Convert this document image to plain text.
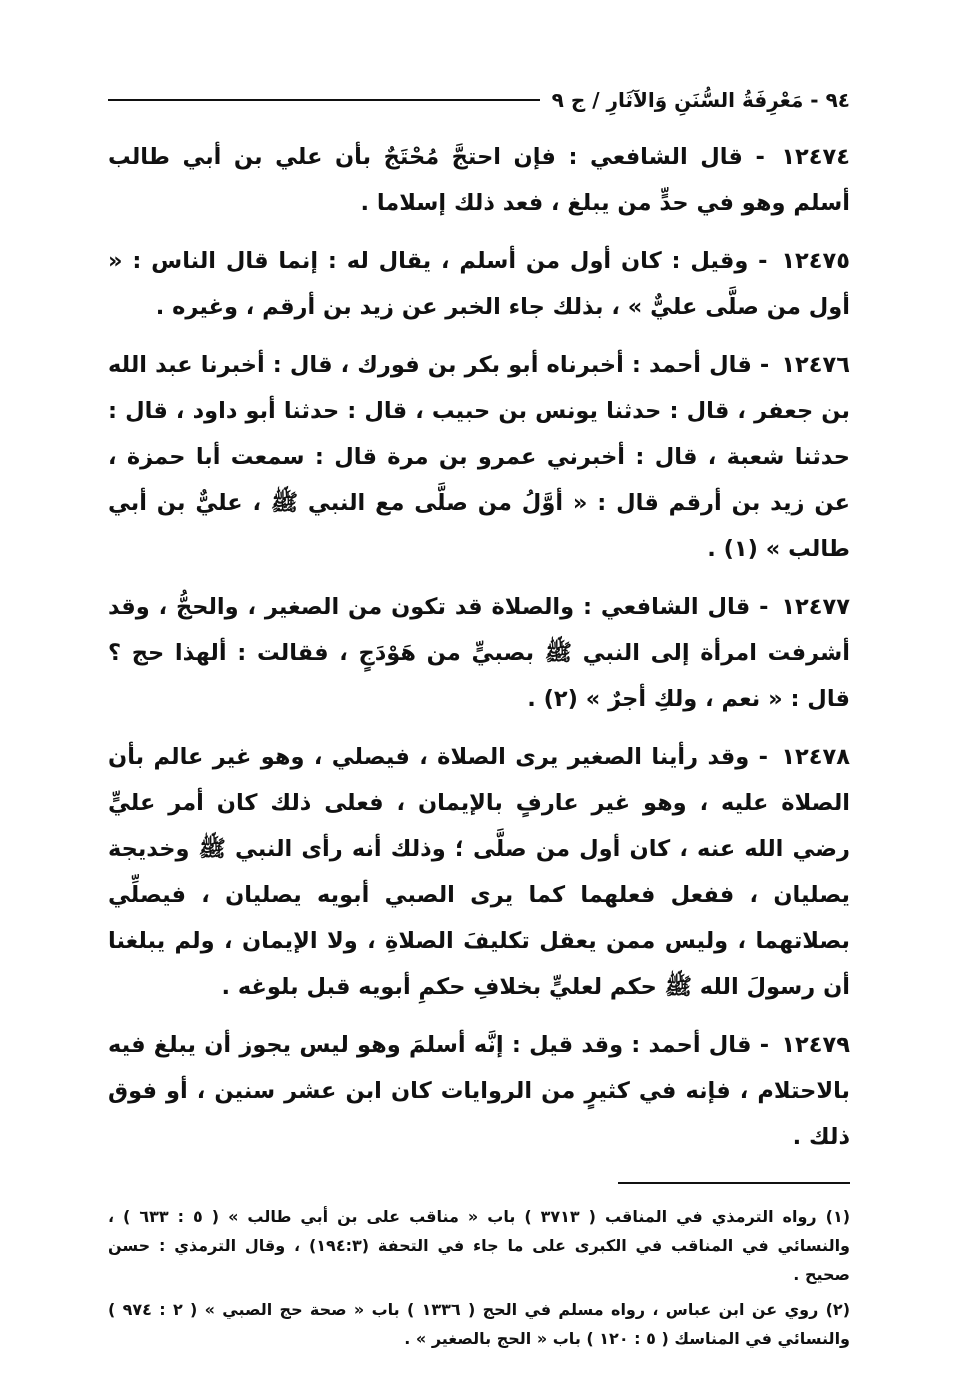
٩٤ - مَعْرِفَةُ السُّنَنِ وَالآثَارِ / ج ٩

١٢٤٧٤ - قال الشافعي : فإن احتجَّ مُحْتَجٌ بأن علي بن أبي طالب أسلم وهو في حدٍّ من يبلغ ، فعد ذلك إسلاما .

١٢٤٧٥ - وقيل : كان أول من أسلم ، يقال له : إنما قال الناس : « أول من صلَّى عليٌّ » ، بذلك جاء الخبر عن زيد بن أرقم ، وغيره .

١٢٤٧٦ - قال أحمد : أخبرناه أبو بكر بن فورك ، قال : أخبرنا عبد الله بن جعفر ، قال : حدثنا يونس بن حبيب ، قال : حدثنا أبو داود ، قال : حدثنا شعبة ، قال : أخبرني عمرو بن مرة قال : سمعت أبا حمزة ، عن زيد بن أرقم قال : « أوَّلُ من صلَّى مع النبي ﷺ ، عليٌّ بن أبي طالب » (١) .

١٢٤٧٧ - قال الشافعي : والصلاة قد تكون من الصغير ، والحجُّ ، وقد أشرفت امرأة إلى النبي ﷺ بصبيٍّ من هَوْدَجٍ ، فقالت : ألهذا حج ؟ قال : « نعم ، ولكِ أجرٌ » (٢) .

١٢٤٧٨ - وقد رأينا الصغير يرى الصلاة ، فيصلي ، وهو غير عالم بأن الصلاة عليه ، وهو غير عارفٍ بالإيمان ، فعلى ذلك كان أمر عليٍّ رضي الله عنه ، كان أول من صلَّى ؛ وذلك أنه رأى النبي ﷺ وخديجة يصليان ، ففعل فعلهما كما يرى الصبي أبويه يصليان ، فيصلِّي بصلاتهما ، وليس ممن يعقل تكليفَ الصلاةِ ، ولا الإيمان ، ولم يبلغنا أن رسولَ الله ﷺ حكم لعليٍّ بخلافِ حكمِ أبويه قبل بلوغه .

١٢٤٧٩ - قال أحمد : وقد قيل : إنَّه أسلمَ وهو ليس يجوز أن يبلغ فيه بالاحتلام ، فإنه في كثيرٍ من الروايات كان ابن عشر سنين ، أو فوق ذلك .

(١) رواه الترمذي في المناقب ( ٣٧١٣ ) باب « مناقب على بن أبي طالب » ( ٥ : ٦٣٣ ) ، والنسائي في المناقب في الكبرى على ما جاء في التحفة (١٩٤:٣) ، وقال الترمذي : حسن صحيح .

(٢) روي عن ابن عباس ، رواه مسلم في الحج ( ١٣٣٦ ) باب « صحة حج الصبي » ( ٢ : ٩٧٤ ) والنسائي في المناسك ( ٥ : ١٢٠ ) باب « الحج بالصغير » .
